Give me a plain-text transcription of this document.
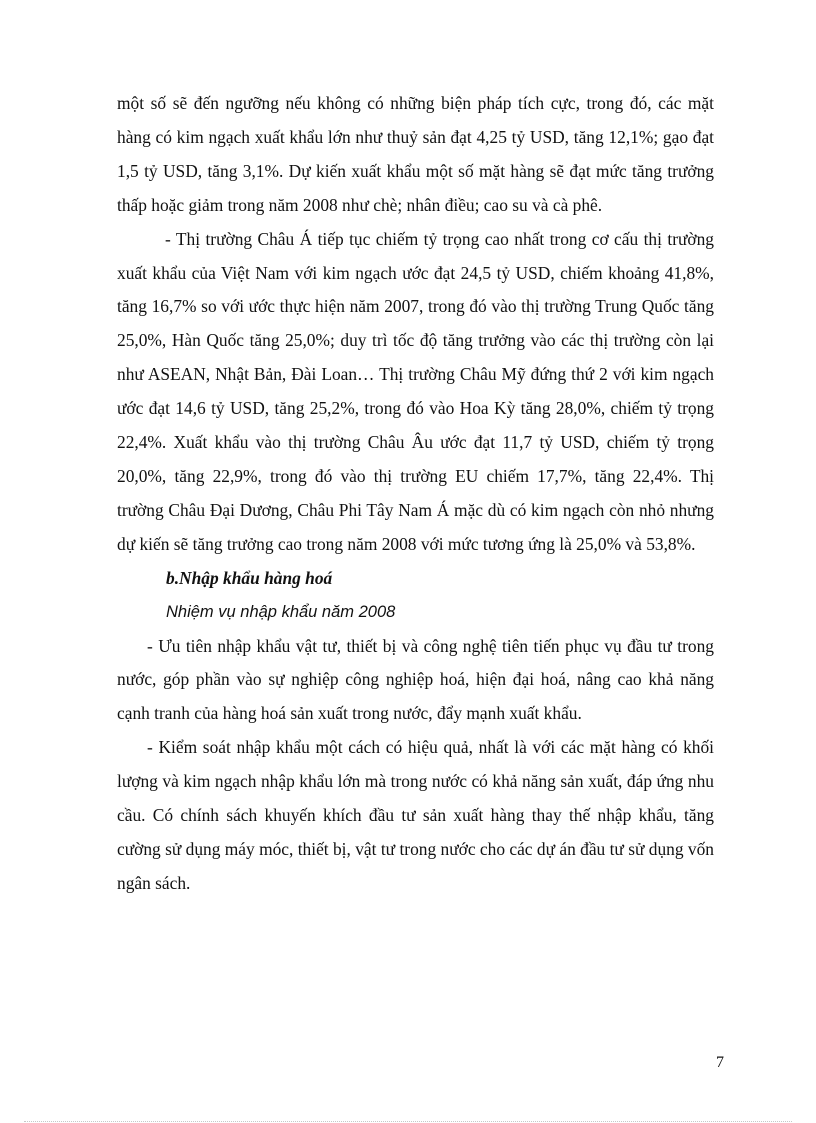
một số sẽ đến ngưỡng nếu không có những biện pháp tích cực, trong đó, các mặt hàng có kim ngạch xuất khẩu lớn như thuỷ sản đạt 4,25 tỷ USD, tăng 12,1%; gạo đạt 1,5 tỷ USD, tăng 3,1%. Dự kiến xuất khẩu một số mặt hàng sẽ đạt mức tăng trưởng thấp hoặc giảm trong năm 2008 như chè; nhân điều; cao su và cà phê.

- Thị trường Châu Á tiếp tục chiếm tỷ trọng cao nhất trong cơ cấu thị trường xuất khẩu của Việt Nam với kim ngạch ước đạt 24,5 tỷ USD, chiếm khoảng 41,8%, tăng 16,7% so với ước thực hiện năm 2007, trong đó vào thị trường Trung Quốc tăng 25,0%, Hàn Quốc tăng 25,0%; duy trì tốc độ tăng trưởng vào các thị trường còn lại như ASEAN, Nhật Bản, Đài Loan… Thị trường Châu Mỹ đứng thứ 2 với kim ngạch ước đạt 14,6 tỷ USD, tăng 25,2%, trong đó vào Hoa Kỳ tăng 28,0%, chiếm tỷ trọng 22,4%. Xuất khẩu vào thị trường Châu Âu ước đạt 11,7 tỷ USD, chiếm tỷ trọng 20,0%, tăng 22,9%, trong đó vào thị trường EU chiếm 17,7%, tăng 22,4%. Thị trường Châu Đại Dương, Châu Phi Tây Nam Á mặc dù có kim ngạch còn nhỏ nhưng dự kiến sẽ tăng trưởng cao trong năm 2008 với mức tương ứng là 25,0% và 53,8%.

b.Nhập khẩu hàng hoá

Nhiệm vụ nhập khẩu năm 2008

- Ưu tiên nhập khẩu vật tư, thiết bị và công nghệ tiên tiến phục vụ đầu tư trong nước, góp phần vào sự nghiệp công nghiệp hoá, hiện đại hoá, nâng cao khả năng cạnh tranh của hàng hoá sản xuất trong nước, đẩy mạnh xuất khẩu.

- Kiểm soát nhập khẩu một cách có hiệu quả, nhất là với các mặt hàng có khối lượng và kim ngạch nhập khẩu lớn mà trong nước có khả năng sản xuất, đáp ứng nhu cầu. Có chính sách khuyến khích đầu tư sản xuất hàng thay thế nhập khẩu, tăng cường sử dụng máy móc, thiết bị, vật tư trong nước cho các dự án đầu tư sử dụng vốn ngân sách.

7
